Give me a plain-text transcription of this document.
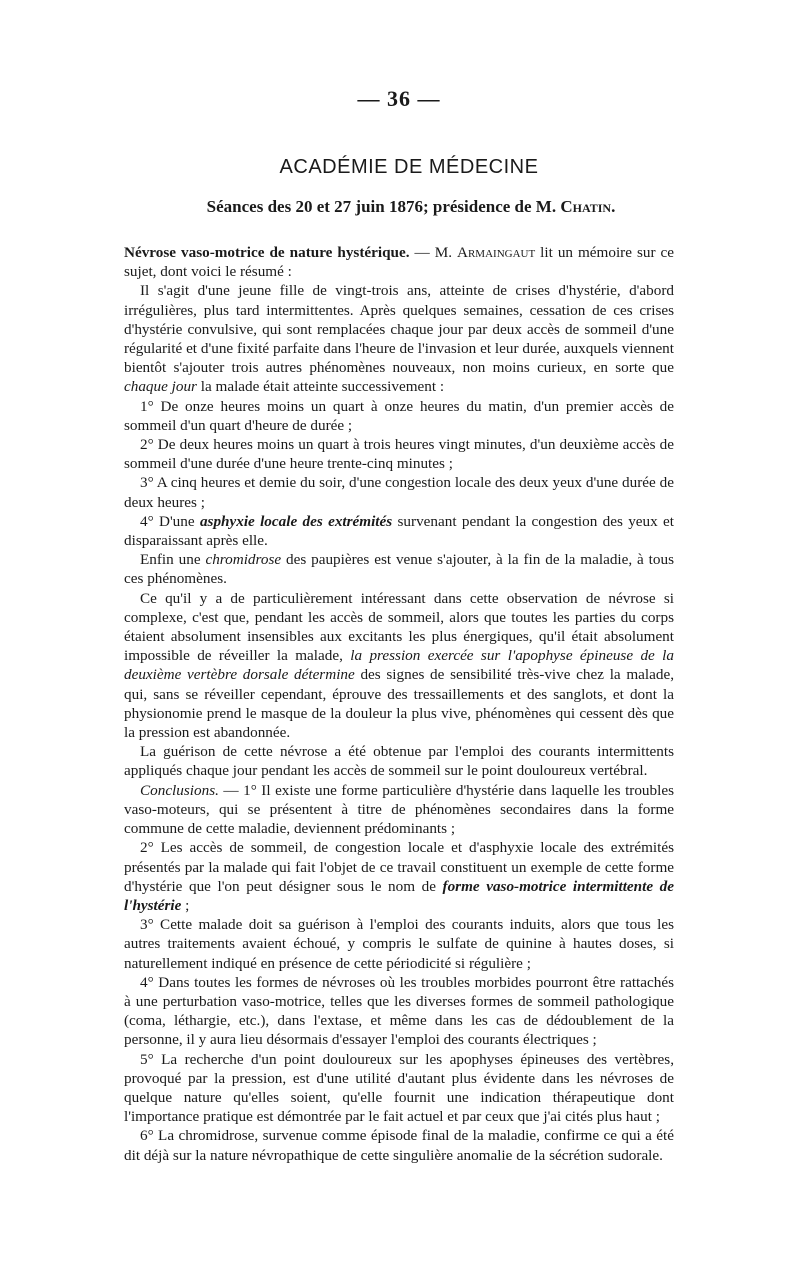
— 36 —
ACADÉMIE DE MÉDECINE
Séances des 20 et 27 juin 1876; présidence de M. Chatin.

Névrose vaso-motrice de nature hystérique. — M. Armaingaut lit un mémoire sur ce sujet, dont voici le résumé :

Il s'agit d'une jeune fille de vingt-trois ans, atteinte de crises d'hystérie, d'abord irrégulières, plus tard intermittentes. Après quelques semaines, cessation de ces crises d'hystérie convulsive, qui sont remplacées chaque jour par deux accès de sommeil d'une régularité et d'une fixité parfaite dans l'heure de l'invasion et leur durée, auxquels viennent bientôt s'ajouter trois autres phénomènes nouveaux, non moins curieux, en sorte que chaque jour la malade était atteinte successivement :

1° De onze heures moins un quart à onze heures du matin, d'un premier accès de sommeil d'un quart d'heure de durée ;

2° De deux heures moins un quart à trois heures vingt minutes, d'un deuxième accès de sommeil d'une durée d'une heure trente-cinq minutes ;

3° A cinq heures et demie du soir, d'une congestion locale des deux yeux d'une durée de deux heures ;

4° D'une asphyxie locale des extrémités survenant pendant la congestion des yeux et disparaissant après elle.

Enfin une chromidrose des paupières est venue s'ajouter, à la fin de la maladie, à tous ces phénomènes.

Ce qu'il y a de particulièrement intéressant dans cette observation de névrose si complexe, c'est que, pendant les accès de sommeil, alors que toutes les parties du corps étaient absolument insensibles aux excitants les plus énergiques, qu'il était absolument impossible de réveiller la malade, la pression exercée sur l'apophyse épineuse de la deuxième vertèbre dorsale détermine des signes de sensibilité très-vive chez la malade, qui, sans se réveiller cependant, éprouve des tressaillements et des sanglots, et dont la physionomie prend le masque de la douleur la plus vive, phénomènes qui cessent dès que la pression est abandonnée.

La guérison de cette névrose a été obtenue par l'emploi des courants intermittents appliqués chaque jour pendant les accès de sommeil sur le point douloureux vertébral.

Conclusions. — 1° Il existe une forme particulière d'hystérie dans laquelle les troubles vaso-moteurs, qui se présentent à titre de phénomènes secondaires dans la forme commune de cette maladie, deviennent prédominants ;

2° Les accès de sommeil, de congestion locale et d'asphyxie locale des extrémités présentés par la malade qui fait l'objet de ce travail constituent un exemple de cette forme d'hystérie que l'on peut désigner sous le nom de forme vaso-motrice intermittente de l'hystérie ;

3° Cette malade doit sa guérison à l'emploi des courants induits, alors que tous les autres traitements avaient échoué, y compris le sulfate de quinine à hautes doses, si naturellement indiqué en présence de cette périodicité si régulière ;

4° Dans toutes les formes de névroses où les troubles morbides pourront être rattachés à une perturbation vaso-motrice, telles que les diverses formes de sommeil pathologique (coma, léthargie, etc.), dans l'extase, et même dans les cas de dédoublement de la personne, il y aura lieu désormais d'essayer l'emploi des courants électriques ;

5° La recherche d'un point douloureux sur les apophyses épineuses des vertèbres, provoqué par la pression, est d'une utilité d'autant plus évidente dans les névroses de quelque nature qu'elles soient, qu'elle fournit une indication thérapeutique dont l'importance pratique est démontrée par le fait actuel et par ceux que j'ai cités plus haut ;

6° La chromidrose, survenue comme épisode final de la maladie, confirme ce qui a été dit déjà sur la nature névropathique de cette singulière anomalie de la sécrétion sudorale.
